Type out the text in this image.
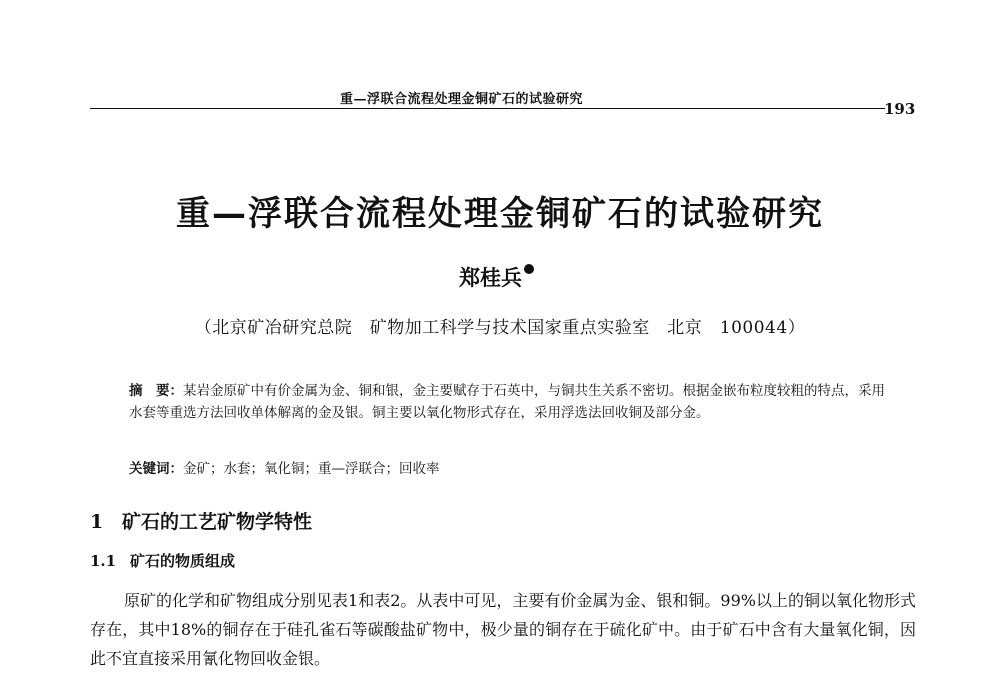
重—浮联合流程处理金铜矿石的试验研究
193
重—浮联合流程处理金铜矿石的试验研究
郑桂兵
（北京矿冶研究总院　矿物加工科学与技术国家重点实验室　北京　100044）
摘　要：某岩金原矿中有价金属为金、铜和银，金主要赋存于石英中，与铜共生关系不密切。根据金嵌布粒度较粗的特点，采用水套等重选方法回收单体解离的金及银。铜主要以氧化物形式存在，采用浮选法回收铜及部分金。
关键词：金矿；水套；氧化铜；重—浮联合；回收率
1 矿石的工艺矿物学特性
1.1 矿石的物质组成
原矿的化学和矿物组成分别见表1和表2。从表中可见，主要有价金属为金、银和铜。99%以上的铜以氧化物形式存在，其中18%的铜存在于硅孔雀石等碳酸盐矿物中，极少量的铜存在于硫化矿中。由于矿石中含有大量氧化铜，因此不宜直接采用氰化物回收金银。
